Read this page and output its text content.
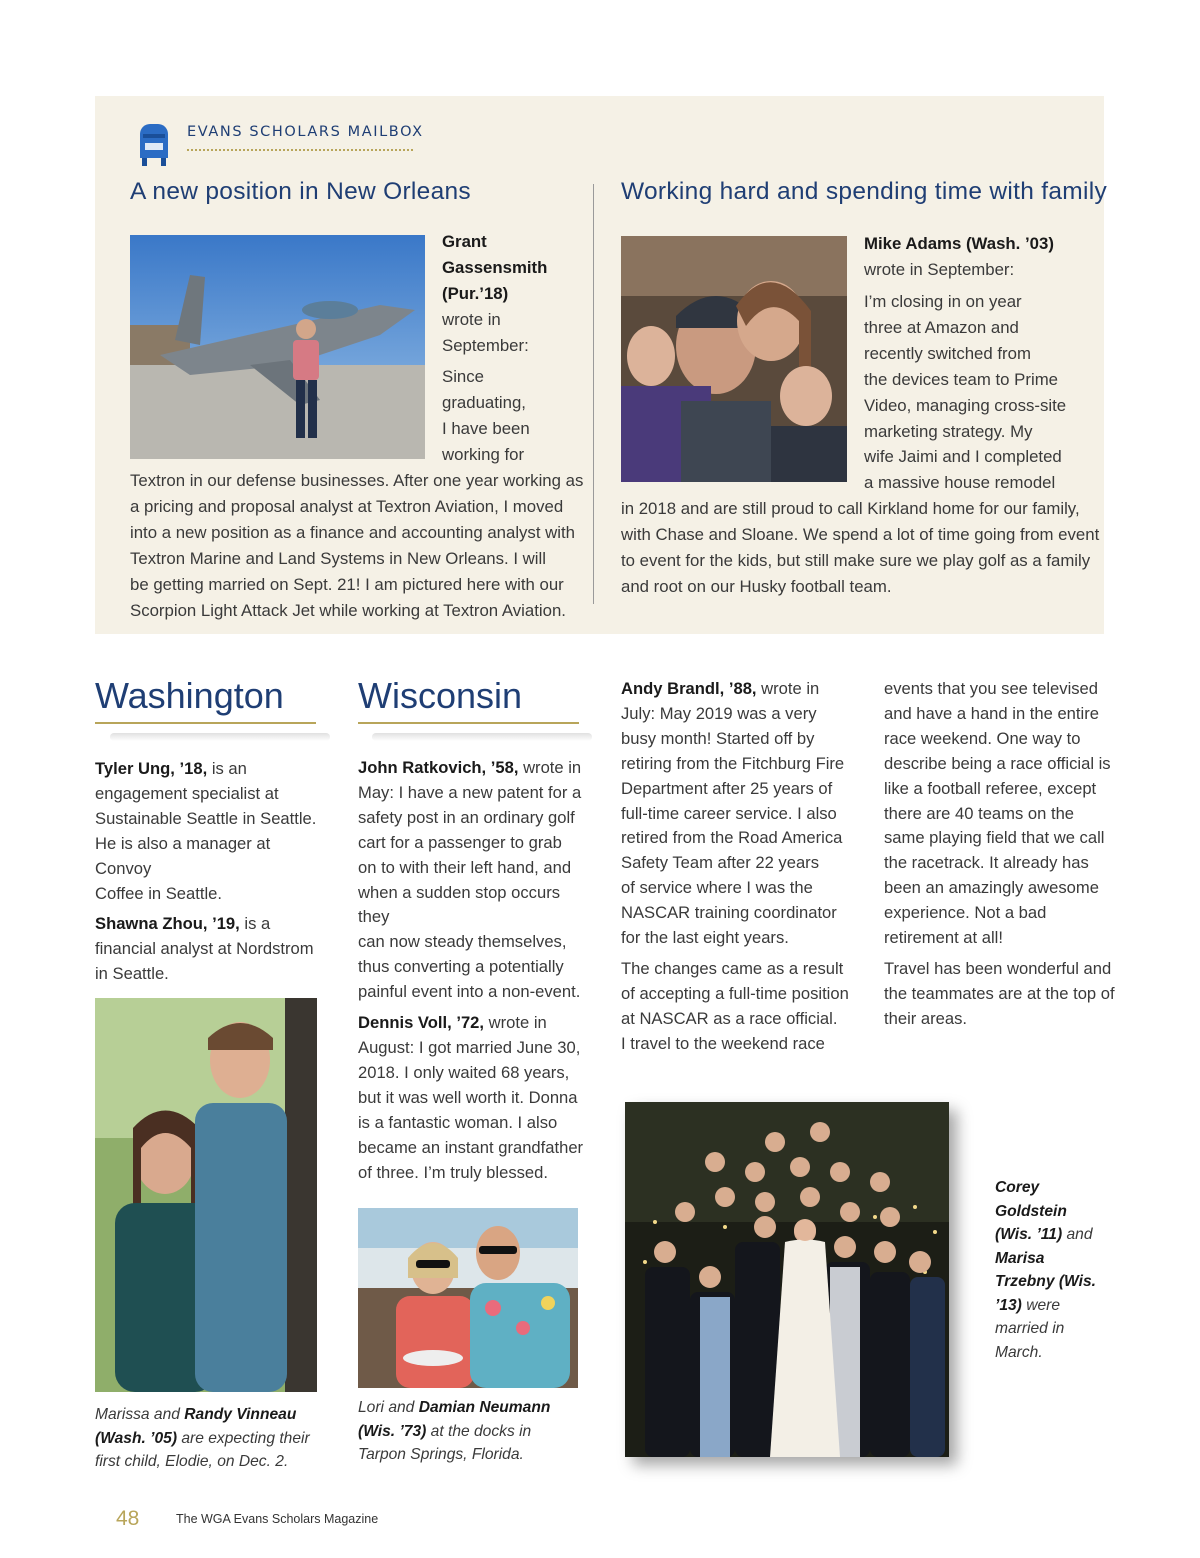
EVANS SCHOLARS MAILBOX
A new position in New Orleans
Grant
Gassensmith
(Pur.’18)
wrote in
September:
Since
graduating,
I have been
working for
Textron in our defense businesses. After one year working as
a pricing and proposal analyst at Textron Aviation, I moved
into a new position as a finance and accounting analyst with
Textron Marine and Land Systems in New Orleans. I will
be getting married on Sept. 21! I am pictured here with our
Scorpion Light Attack Jet while working at Textron Aviation.
Working hard and spending time with family
Mike Adams (Wash. ’03)
wrote in September:
I’m closing in on year
three at Amazon and
recently switched from
the devices team to Prime
Video, managing cross-site
marketing strategy. My
wife Jaimi and I completed
a massive house remodel
in 2018 and are still proud to call Kirkland home for our family,
with Chase and Sloane. We spend a lot of time going from event
to event for the kids, but still make sure we play golf as a family
and root on our Husky football team.
Washington

Tyler Ung, ’18, is an
engagement specialist at
Sustainable Seattle in Seattle.
He is also a manager at Convoy
Coffee in Seattle.

Shawna Zhou, ’19, is a
financial analyst at Nordstrom
in Seattle.

Marissa and Randy Vinneau (Wash. ’05) are expecting their first child, Elodie, on Dec. 2.
Wisconsin

John Ratkovich, ’58, wrote in
May: I have a new patent for a
safety post in an ordinary golf
cart for a passenger to grab
on to with their left hand, and
when a sudden stop occurs they
can now steady themselves,
thus converting a potentially
painful event into a non-event.

Dennis Voll, ’72, wrote in
August: I got married June 30,
2018. I only waited 68 years,
but it was well worth it. Donna
is a fantastic woman. I also
became an instant grandfather
of three. I’m truly blessed.

Lori and Damian Neumann (Wis. ’73) at the docks in Tarpon Springs, Florida.

Andy Brandl, ’88, wrote in
July: May 2019 was a very
busy month! Started off by
retiring from the Fitchburg Fire
Department after 25 years of
full-time career service. I also
retired from the Road America
Safety Team after 22 years
of service where I was the
NASCAR training coordinator
for the last eight years.

The changes came as a result
of accepting a full-time position
at NASCAR as a race official.
I travel to the weekend race

events that you see televised
and have a hand in the entire
race weekend. One way to
describe being a race official is
like a football referee, except
there are 40 teams on the
same playing field that we call
the racetrack. It already has
been an amazingly awesome
experience. Not a bad
retirement at all!

Travel has been wonderful and
the teammates are at the top of
their areas.

Corey Goldstein (Wis. ’11) and Marisa Trzebny (Wis. ’13) were married in March.
48	The WGA Evans Scholars Magazine
